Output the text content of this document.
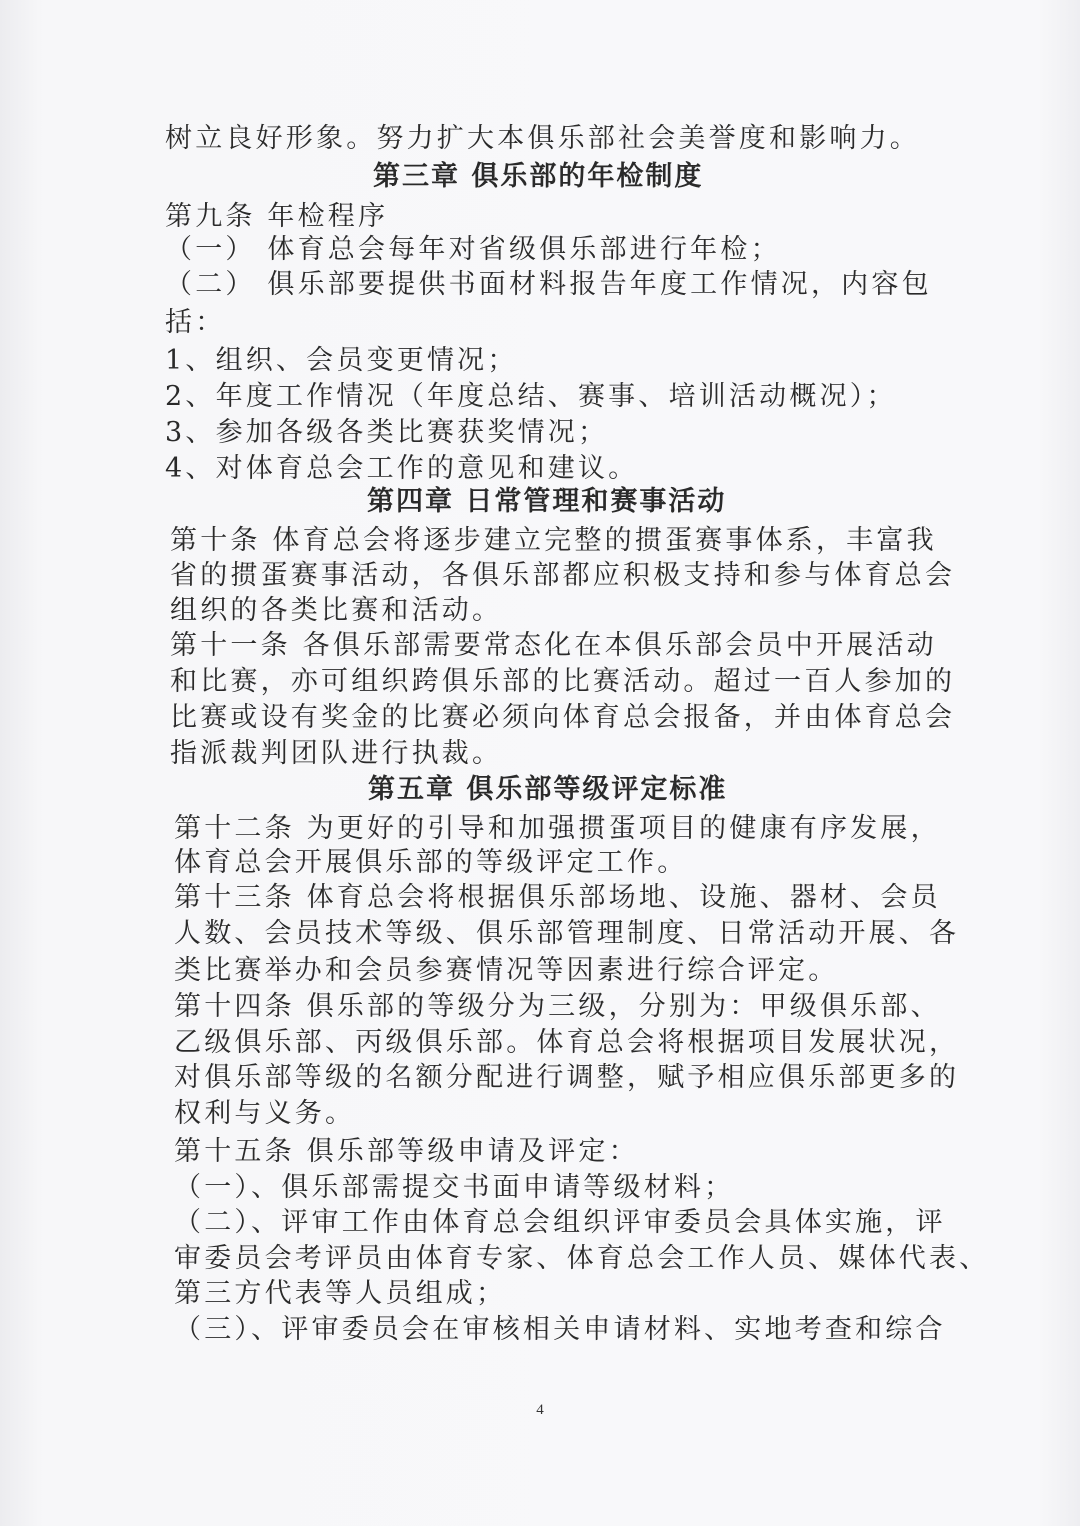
树立良好形象。努力扩大本俱乐部社会美誉度和影响力。
第三章 俱乐部的年检制度
第九条 年检程序
（一） 体育总会每年对省级俱乐部进行年检；
（二） 俱乐部要提供书面材料报告年度工作情况，内容包
括：
1、组织、会员变更情况；
2、年度工作情况（年度总结、赛事、培训活动概况）；
3、参加各级各类比赛获奖情况；
4、对体育总会工作的意见和建议。
第四章 日常管理和赛事活动
第十条 体育总会将逐步建立完整的掼蛋赛事体系，丰富我
省的掼蛋赛事活动，各俱乐部都应积极支持和参与体育总会
组织的各类比赛和活动。
第十一条 各俱乐部需要常态化在本俱乐部会员中开展活动
和比赛，亦可组织跨俱乐部的比赛活动。超过一百人参加的
比赛或设有奖金的比赛必须向体育总会报备，并由体育总会
指派裁判团队进行执裁。
第五章 俱乐部等级评定标准
第十二条 为更好的引导和加强掼蛋项目的健康有序发展，
体育总会开展俱乐部的等级评定工作。
第十三条 体育总会将根据俱乐部场地、设施、器材、会员
人数、会员技术等级、俱乐部管理制度、日常活动开展、各
类比赛举办和会员参赛情况等因素进行综合评定。
第十四条 俱乐部的等级分为三级，分别为：甲级俱乐部、
乙级俱乐部、丙级俱乐部。体育总会将根据项目发展状况，
对俱乐部等级的名额分配进行调整，赋予相应俱乐部更多的
权利与义务。
第十五条 俱乐部等级申请及评定：
（一）、俱乐部需提交书面申请等级材料；
（二）、评审工作由体育总会组织评审委员会具体实施，评
审委员会考评员由体育专家、体育总会工作人员、媒体代表、
第三方代表等人员组成；
（三）、评审委员会在审核相关申请材料、实地考查和综合
4
